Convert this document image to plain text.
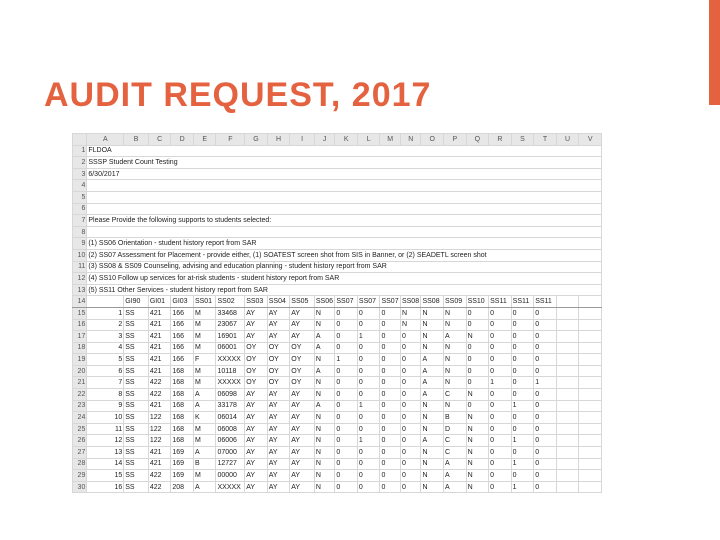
AUDIT REQUEST, 2017
	A	B	C	D	E	F	G	H	I	J	K	L	M	N	O	P	Q	R	S	T	U	V
1	FLDOA																					
2	SSSP Student Count Testing																					
3	6/30/2017																					
4																						
5																						
6																						
7	Please Provide the following supports to students selected:																					
8																						
9	(1) SS06 Orientation - student history report from SAR																					
10	(2) SS07 Assessment for Placement - provide either, (1) SOATEST screen shot from SIS in Banner, or (2) SEADETL screen shot																					
11	(3) SS08 & SS09 Counseling, advising and education planning - student history report from SAR																					
12	(4) SS10 Follow up services for at-risk students - student history report from SAR																					
13	(5) SS11 Other Services - student history report from SAR																					
14		GI90	GI01	GI03	SS01	SS02	SS03	SS04	SS05	SS06	SS07	SS07	SS07	SS08	SS08	SS09	SS10	SS11	SS11	SS11		
15	1	SS	421	166	M	33468	AY	AY	AY	N	0	0	0	N	N	N	0	0	0	0		
16	2	SS	421	166	M	23067	AY	AY	AY	N	0	0	0	N	N	N	0	0	0	0		
17	3	SS	421	166	M	16901	AY	AY	AY	A	0	1	0	0	N	A	N	0	0	0		
18	4	SS	421	166	M	06001	OY	OY	OY	A	0	0	0	0	N	N	0	0	0	0		
19	5	SS	421	166	F	XXXXX	OY	OY	OY	N	1	0	0	0	A	N	0	0	0	0		
20	6	SS	421	168	M	10118	OY	OY	OY	A	0	0	0	0	A	N	0	0	0	0		
21	7	SS	422	168	M	XXXXX	OY	OY	OY	N	0	0	0	0	A	N	0	1	0	1		
22	8	SS	422	168	A	06098	AY	AY	AY	N	0	0	0	0	A	C	N	0	0	0		
23	9	SS	421	168	A	33178	AY	AY	AY	A	0	1	0	0	N	N	0	0	1	0		
24	10	SS	122	168	K	06014	AY	AY	AY	N	0	0	0	0	N	B	N	0	0	0		
25	11	SS	122	168	M	06008	AY	AY	AY	N	0	0	0	0	N	D	N	0	0	0		
26	12	SS	122	168	M	06006	AY	AY	AY	N	0	1	0	0	A	C	N	0	1	0		
27	13	SS	421	169	A	07000	AY	AY	AY	N	0	0	0	0	N	C	N	0	0	0		
28	14	SS	421	169	B	12727	AY	AY	AY	N	0	0	0	0	N	A	N	0	1	0		
29	15	SS	422	169	M	00000	AY	AY	AY	N	0	0	0	0	N	A	N	0	0	0		
30	16	SS	422	208	A	XXXXX	AY	AY	AY	N	0	0	0	0	N	A	N	0	1	0		
